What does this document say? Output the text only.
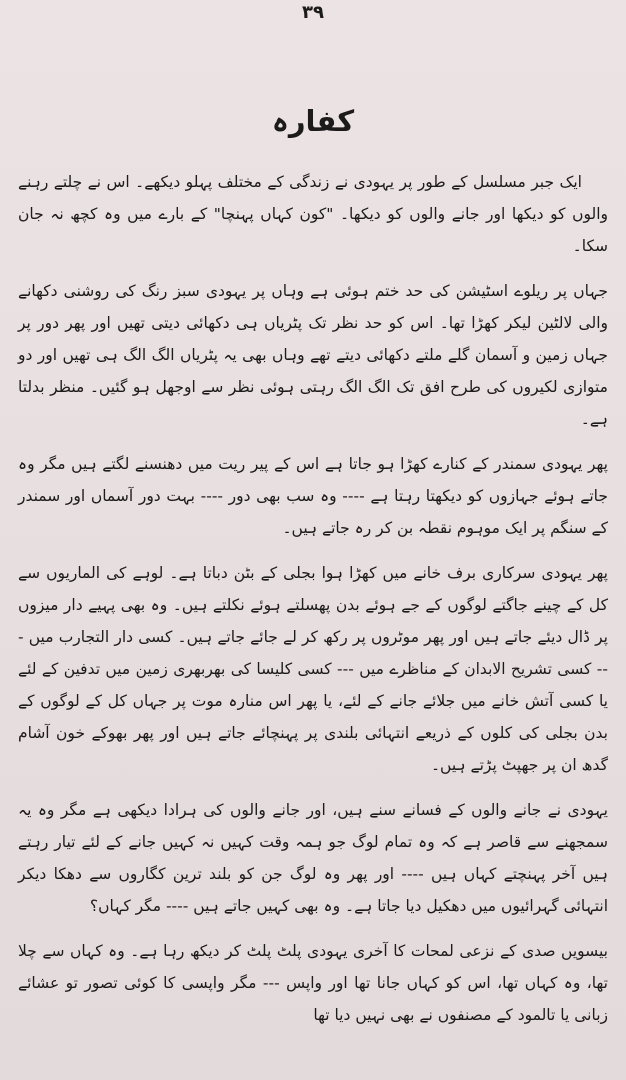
۳۹

کفارہ

ایک جبر مسلسل کے طور پر یہودی نے زندگی کے مختلف پہلو دیکھے۔ اس نے چلتے رہنے والوں کو دیکھا اور جانے والوں کو دیکھا۔ "کون کہاں پہنچا" کے بارے میں وہ کچھ نہ جان سکا۔

جہاں پر ریلوے اسٹیشن کی حد ختم ہوئی ہے وہاں پر یہودی سبز رنگ کی روشنی دکھانے والی لالٹین لیکر کھڑا تھا۔ اس کو حد نظر تک پٹریاں ہی دکھائی دیتی تھیں اور پھر دور پر جہاں زمین و آسمان گلے ملتے دکھائی دیتے تھے وہاں بھی یہ پٹریاں الگ الگ ہی تھیں اور دو متوازی لکیروں کی طرح افق تک الگ الگ رہتی ہوئی نظر سے اوجھل ہو گئیں۔ منظر بدلتا ہے۔

پھر یہودی سمندر کے کنارے کھڑا ہو جاتا ہے اس کے پیر ریت میں دھنسنے لگتے ہیں مگر وہ جاتے ہوئے جہازوں کو دیکھتا رہتا ہے ---- وہ سب بھی دور ---- بہت دور آسماں اور سمندر کے سنگم پر ایک موہوم نقطہ بن کر رہ جاتے ہیں۔

پھر یہودی سرکاری برف خانے میں کھڑا ہوا بجلی کے بٹن دباتا ہے۔ لوہے کی الماریوں سے کل کے چینے جاگتے لوگوں کے جے ہوئے بدن پھسلتے ہوئے نکلتے ہیں۔ وہ بھی پہیے دار میزوں پر ڈال دیئے جاتے ہیں اور پھر موٹروں پر رکھ کر لے جائے جاتے ہیں۔ کسی دار التجارب میں --- کسی تشریح الابدان کے مناظرے میں --- کسی کلیسا کی بھربھری زمین میں تدفین کے لئے یا کسی آتش خانے میں جلائے جانے کے لئے، یا پھر اس منارہ موت پر جہاں کل کے لوگوں کے بدن بجلی کی کلوں کے ذریعے انتہائی بلندی پر پہنچائے جاتے ہیں اور پھر بھوکے خون آشام گدھ ان پر جھپٹ پڑتے ہیں۔

یہودی نے جانے والوں کے فسانے سنے ہیں، اور جانے والوں کی ہرادا دیکھی ہے مگر وہ یہ سمجھنے سے قاصر ہے کہ وہ تمام لوگ جو ہمہ وقت کہیں نہ کہیں جانے کے لئے تیار رہتے ہیں آخر پہنچتے کہاں ہیں ---- اور پھر وہ لوگ جن کو بلند ترین کگاروں سے دھکا دیکر انتہائی گہرائیوں میں دھکیل دیا جاتا ہے۔ وہ بھی کہیں جاتے ہیں ---- مگر کہاں؟

بیسویں صدی کے نزعی لمحات کا آخری یہودی پلٹ پلٹ کر دیکھ رہا ہے۔ وہ کہاں سے چلا تھا، وہ کہاں تھا، اس کو کہاں جانا تھا اور واپس --- مگر واپسی کا کوئی تصور تو عشائے زبانی یا تالمود کے مصنفوں نے بھی نہیں دیا تھا
